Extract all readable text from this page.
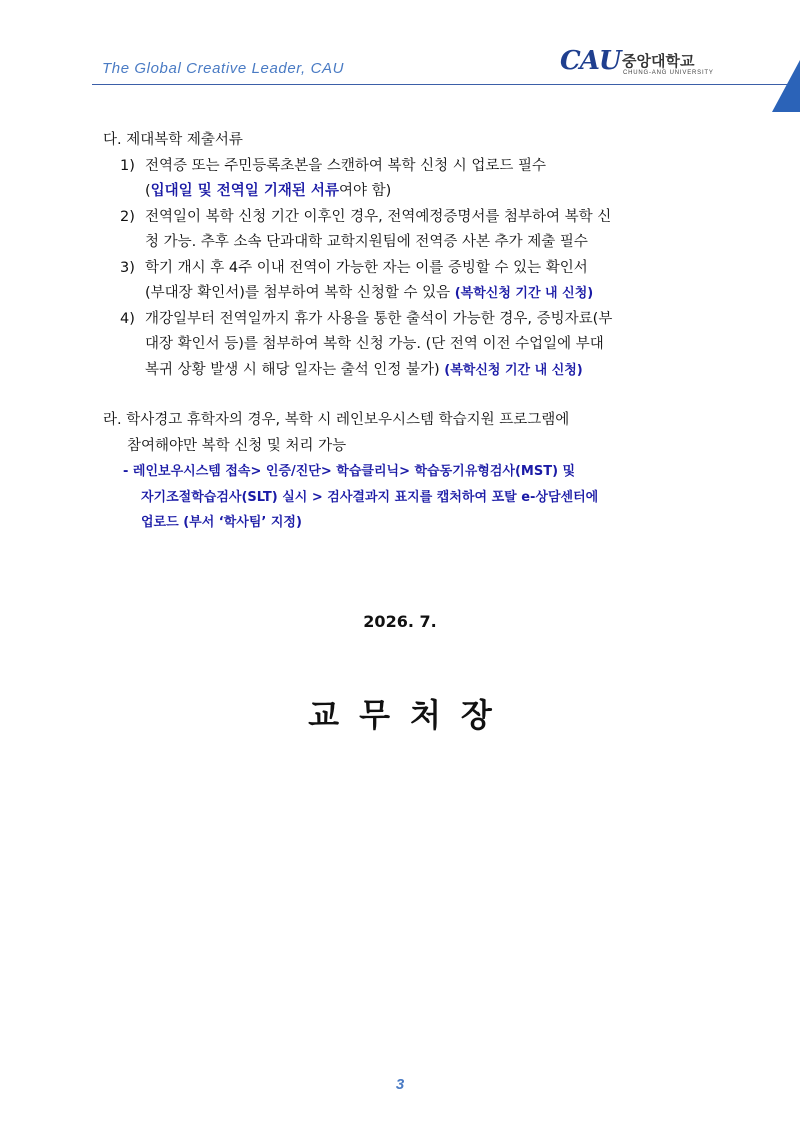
The Global Creative Leader, CAU	CAU 중앙대학교
CHUNG-ANG UNIVERSITY
다. 제대복학 제출서류
1) 전역증 또는 주민등록초본을 스캔하여 복학 신청 시 업로드 필수
(입대일 및 전역일 기재된 서류여야 함)
2) 전역일이 복학 신청 기간 이후인 경우, 전역예정증명서를 첨부하여 복학 신
청 가능. 추후 소속 단과대학 교학지원팀에 전역증 사본 추가 제출 필수
3) 학기 개시 후 4주 이내 전역이 가능한 자는 이를 증빙할 수 있는 확인서
(부대장 확인서)를 첨부하여 복학 신청할 수 있음 (복학신청 기간 내 신청)
4) 개강일부터 전역일까지 휴가 사용을 통한 출석이 가능한 경우, 증빙자료(부
대장 확인서 등)를 첨부하여 복학 신청 가능. (단 전역 이전 수업일에 부대
복귀 상황 발생 시 해당 일자는 출석 인정 불가) (복학신청 기간 내 신청)
라. 학사경고 휴학자의 경우, 복학 시 레인보우시스템 학습지원 프로그램에
참여해야만 복학 신청 및 처리 가능
- 레인보우시스템 접속> 인증/진단> 학습클리닉> 학습동기유형검사(MST) 및
자기조절학습검사(SLT) 실시 > 검사결과지 표지를 캡처하여 포탈 e-상담센터에
업로드 (부서 ‘학사팀’ 지정)
2026. 7.
교무처장
3
